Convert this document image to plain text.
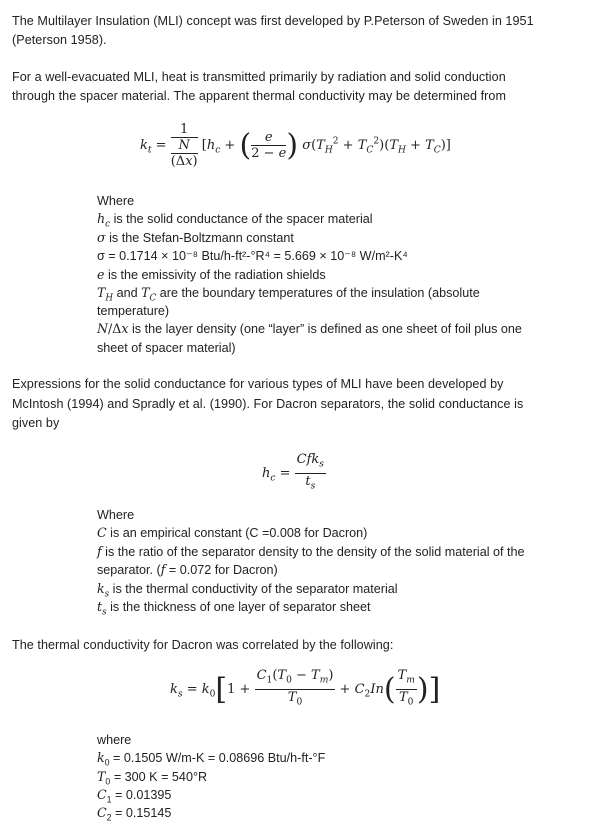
The Multilayer Insulation (MLI) concept was first developed by P.Peterson of Sweden in 1951
(Peterson 1958).
For a well-evacuated MLI, heat is transmitted primarily by radiation and solid conduction
through the spacer material. The apparent thermal conductivity may be determined from
$k_t = \frac{1}{\frac{N}{(\Delta x)}} [h_c$ + ( $\frac{e}{2 - e}$ ) $\sigma(T_H^2 + T_C^2)(T_H + T_C)$]
Where
$h_c$ is the solid conductance of the spacer material
σ is the Stefan-Boltzmann constant
σ = 0.1714 × 10⁻⁸ Btu/h-ft²-°R⁴ = 5.669 × 10⁻⁸ W/m²-K⁴
e is the emissivity of the radiation shields
$T_H$ and $T_C$ are the boundary temperatures of the insulation (absolute
temperature)
N/Δx is the layer density (one “layer” is defined as one sheet of foil plus one
sheet of spacer material)
Expressions for the solid conductance for various types of MLI have been developed by
McIntosh (1994) and Spradly et al. (1990). For Dacron separators, the solid conductance is
given by
$h_c = \frac{Cfk_s}{t_s}$
Where
C is an empirical constant (C =0.008 for Dacron)
f is the ratio of the separator density to the density of the solid material of the
separator. (f = 0.072 for Dacron)
$k_s$ is the thermal conductivity of the separator material
$t_s$ is the thickness of one layer of separator sheet
The thermal conductivity for Dacron was correlated by the following:
$k_s = k_0[1 + \frac{C_1(T_0 - T_m)}{T_0} + C_2In( \frac{T_m}{T_0}$ )]
where
$k_0 = 0.1505$ W/m-K = 0.08696 Btu/h-ft-°F
$T_0 = 300$ K = 540°R
$C_1 = 0.01395$
$C_2 = 0.15145$
